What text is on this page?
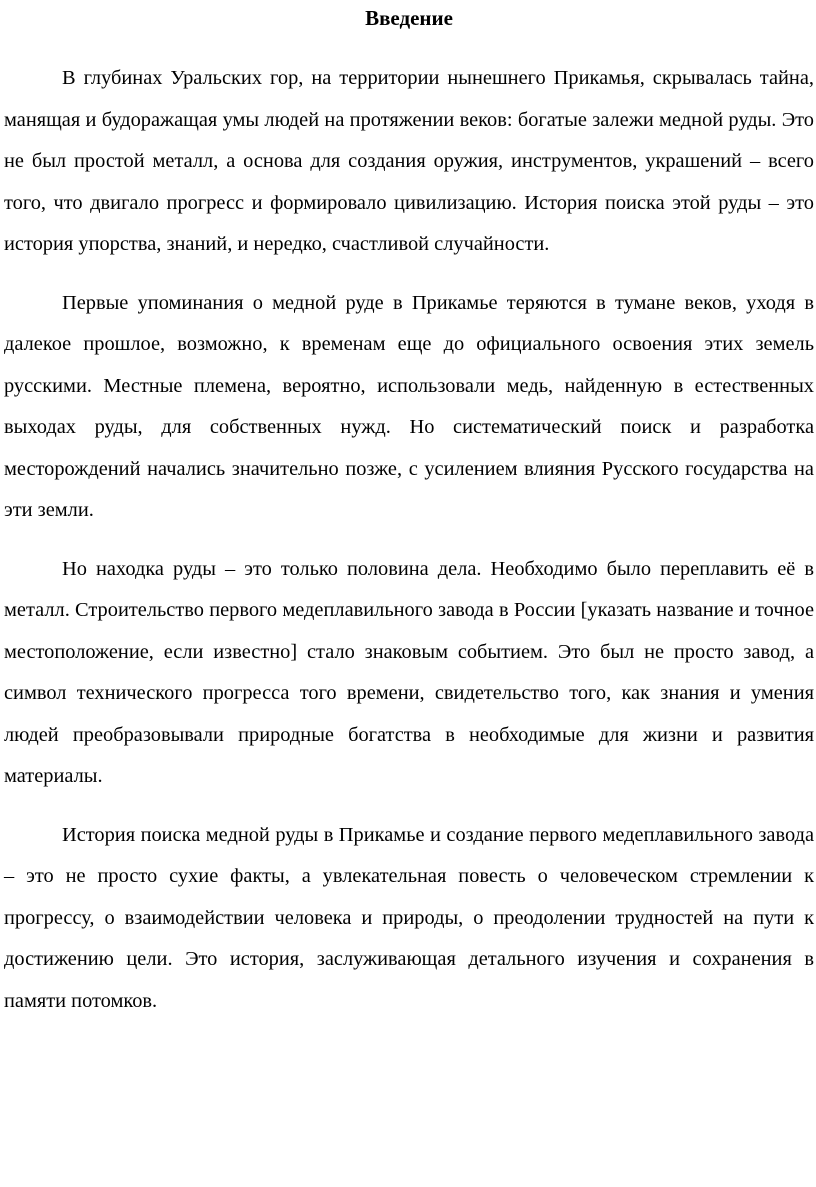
Введение

В глубинах Уральских гор, на территории нынешнего Прикамья, скрывалась тайна, манящая и будоражащая умы людей на протяжении веков: богатые залежи медной руды. Это не был простой металл, а основа для создания оружия, инструментов, украшений – всего того, что двигало прогресс и формировало цивилизацию. История поиска этой руды – это история упорства, знаний, и нередко, счастливой случайности.

Первые упоминания о медной руде в Прикамье теряются в тумане веков, уходя в далекое прошлое, возможно, к временам еще до официального освоения этих земель русскими. Местные племена, вероятно, использовали медь, найденную в естественных выходах руды, для собственных нужд. Но систематический поиск и разработка месторождений начались значительно позже, с усилением влияния Русского государства на эти земли.

Но находка руды – это только половина дела. Необходимо было переплавить её в металл. Строительство первого медеплавильного завода в России [указать название и точное местоположение, если известно] стало знаковым событием. Это был не просто завод, а символ технического прогресса того времени, свидетельство того, как знания и умения людей преобразовывали природные богатства в необходимые для жизни и развития материалы.

История поиска медной руды в Прикамье и создание первого медеплавильного завода – это не просто сухие факты, а увлекательная повесть о человеческом стремлении к прогрессу, о взаимодействии человека и природы, о преодолении трудностей на пути к достижению цели. Это история, заслуживающая детального изучения и сохранения в памяти потомков.
